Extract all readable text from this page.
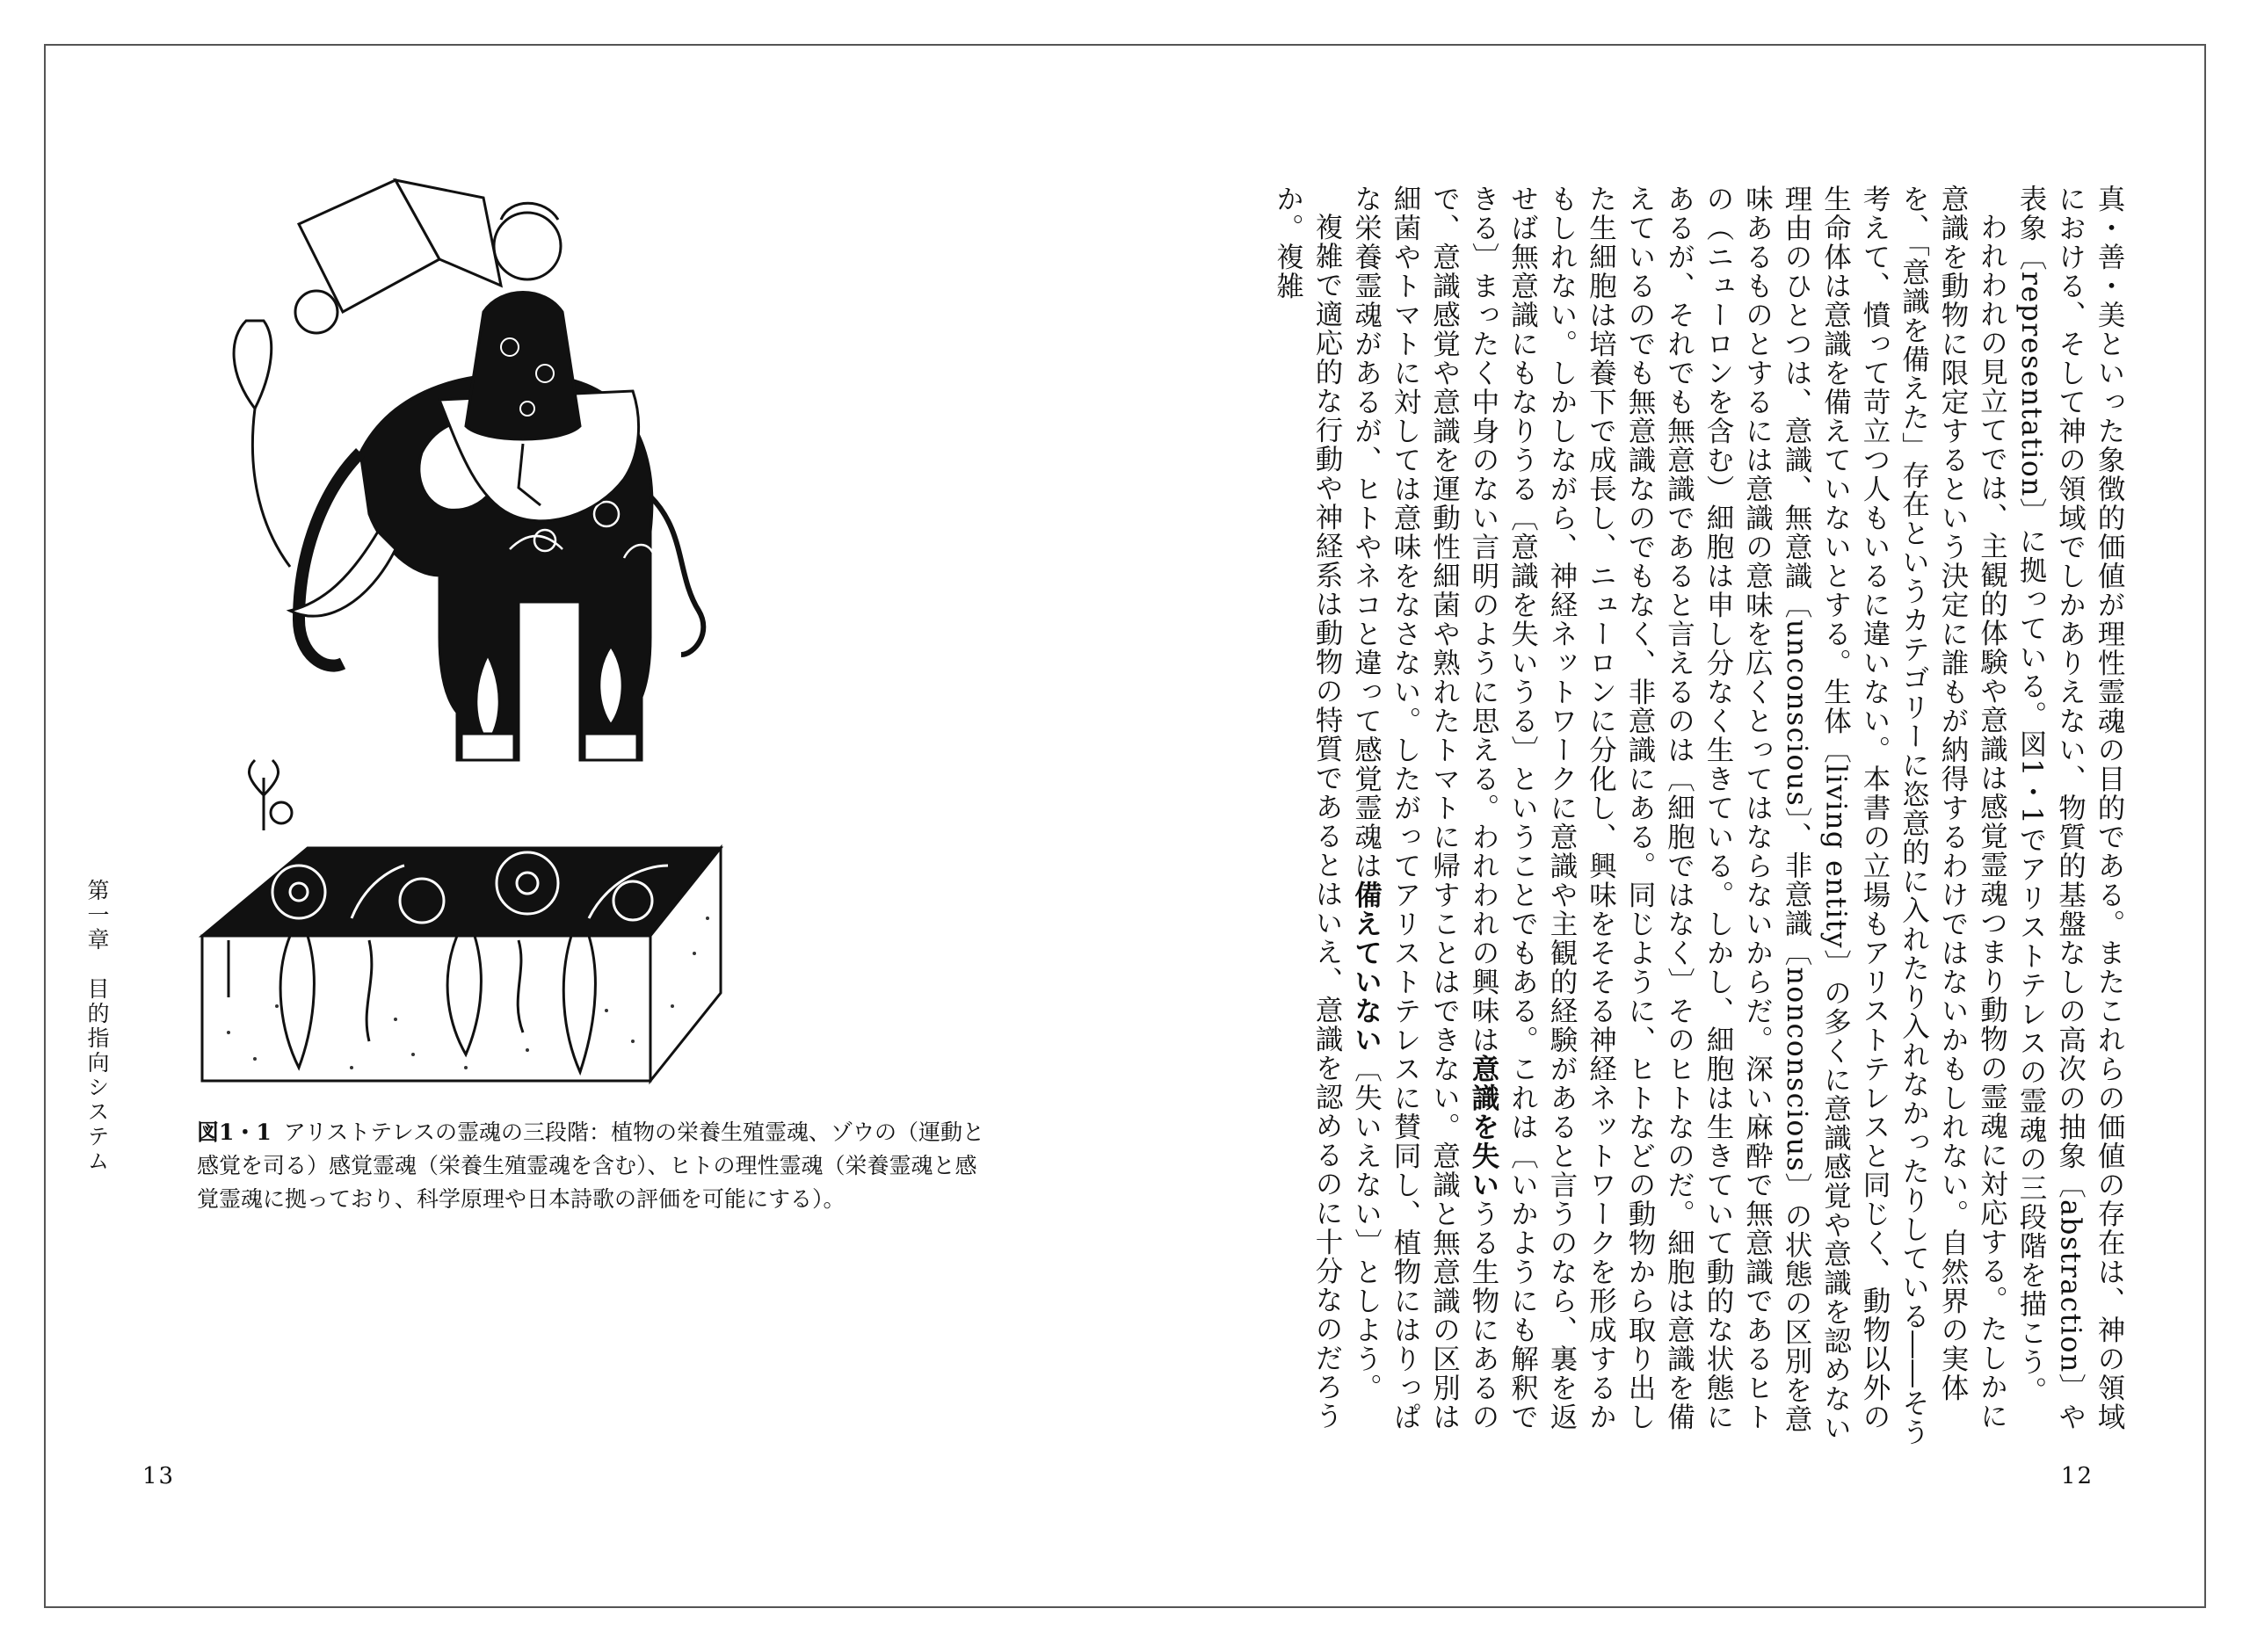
図1・1 アリストテレスの霊魂の三段階：植物の栄養生殖霊魂、ゾウの（運動と感覚を司る）感覚霊魂（栄養生殖霊魂を含む）、ヒトの理性霊魂（栄養霊魂と感覚霊魂に拠っており、科学原理や日本詩歌の評価を可能にする）。
第一章　目的指向システム
13

真・善・美といった象徴的価値が理性霊魂の目的である。またこれらの価値の存在は、神の領域における、そして神の領域でしかありえない、物質的基盤なしの高次の抽象〔abstraction〕や表象〔representation〕に拠っている。図1・1でアリストテレスの霊魂の三段階を描こう。

われわれの見立てでは、主観的体験や意識は感覚霊魂つまり動物の霊魂に対応する。たしかに意識を動物に限定するという決定に誰もが納得するわけではないかもしれない。自然界の実体を、「意識を備えた」存在というカテゴリーに恣意的に入れたり入れなかったりしている――そう考えて、憤って苛立つ人もいるに違いない。本書の立場もアリストテレスと同じく、動物以外の生命体は意識を備えていないとする。生体〔living entity〕の多くに意識感覚や意識を認めない理由のひとつは、意識、無意識〔unconscious〕、非意識〔nonconscious〕の状態の区別を意味あるものとするには意識の意味を広くとってはならないからだ。深い麻酔で無意識であるヒトの（ニューロンを含む）細胞は申し分なく生きている。しかし、細胞は生きていて動的な状態にあるが、それでも無意識であると言えるのは〔細胞ではなく〕そのヒトなのだ。細胞は意識を備えているのでも無意識なのでもなく、非意識にある。同じように、ヒトなどの動物から取り出した生細胞は培養下で成長し、ニューロンに分化し、興味をそそる神経ネットワークを形成するかもしれない。しかしながら、神経ネットワークに意識や主観的経験があると言うのなら、裏を返せば無意識にもなりうる〔意識を失いうる〕ということでもある。これは〔いかようにも解釈できる〕まったく中身のない言明のように思える。われわれの興味は意識を失いうる生物にあるので、意識感覚や意識を運動性細菌や熟れたトマトに帰すことはできない。意識と無意識の区別は細菌やトマトに対しては意味をなさない。したがってアリストテレスに賛同し、植物にはりっぱな栄養霊魂があるが、ヒトやネコと違って感覚霊魂は備えていない〔失いえない〕としよう。

複雑で適応的な行動や神経系は動物の特質であるとはいえ、意識を認めるのに十分なのだろうか。複雑

12
